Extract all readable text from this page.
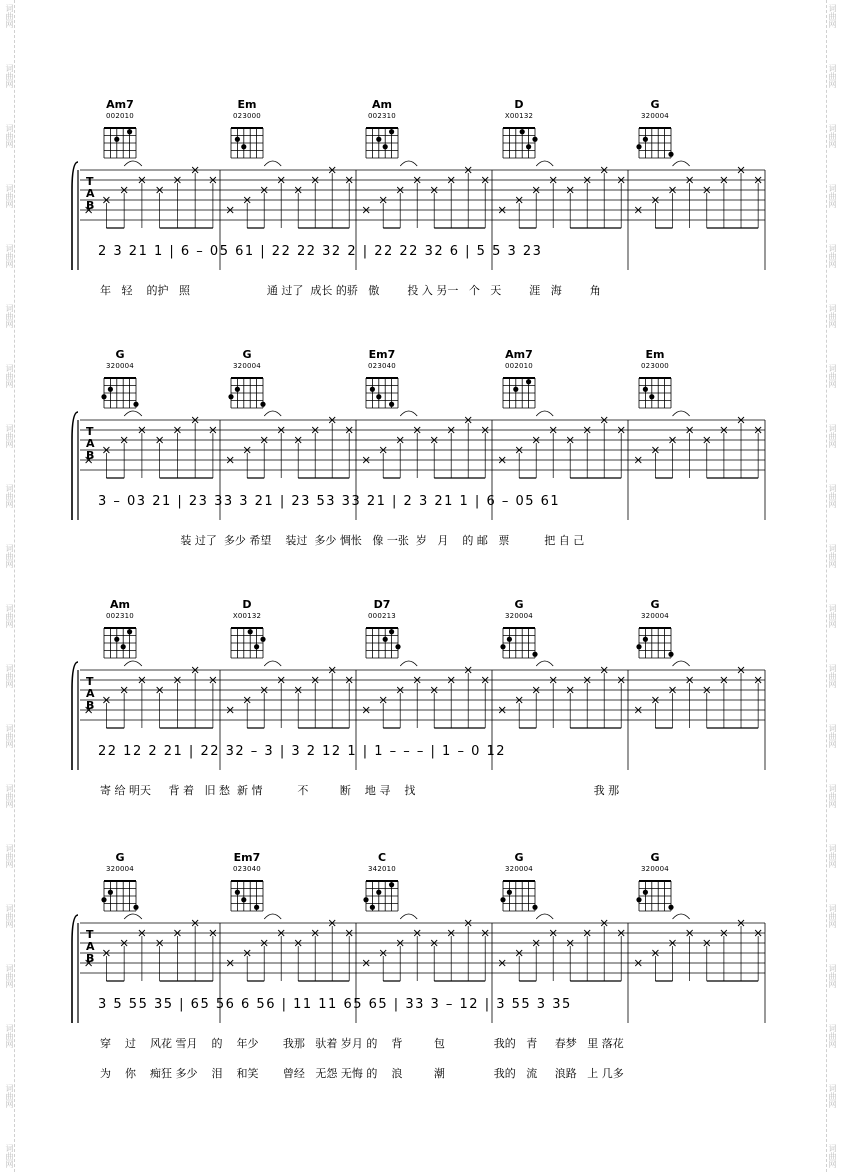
词曲网
词曲网
词曲网
词曲网
词曲网
词曲网
词曲网
词曲网
词曲网
词曲网
词曲网
词曲网
词曲网
词曲网
词曲网
词曲网
词曲网
词曲网
词曲网
词曲网
词曲网
词曲网
词曲网
词曲网
词曲网
词曲网
词曲网
词曲网
词曲网
词曲网
词曲网
词曲网
词曲网
词曲网
词曲网
词曲网
词曲网
词曲网
词曲网
词曲网
T
A
B
T
A
B
T
A
B
T
A
B
Am7
002010
Em
023000
Am
002310
D
X00132
G
320004
2 3 21 1 | 6 – 05 61 | 22 22 32 2 | 22 22 32 6 | 5 5 3 23
年   轻    的护   照                      通 过了  成长 的骄   傲        投 入 另一   个   天        涯   海        角
G
320004
G
320004
Em7
023040
Am7
002010
Em
023000
3 – 03 21 | 23 33 3 21 | 23 53 33 21 | 2 3 21 1 | 6 – 05 61
装 过了  多少 希望    装过  多少 惆怅   像 一张  岁   月    的 邮   票          把 自 己
Am
002310
D
X00132
D7
000213
G
320004
G
320004
22 12 2 21 | 22 32 – 3 | 3 2 12 1 | 1 – – – | 1 – 0 12
寄 给 明天     背 着   旧 愁  新 情          不         断    地 寻    找                                                   我 那
G
320004
Em7
023040
C
342010
G
320004
G
320004
3 5 55 35 | 65 56 6 56 | 11 11 65 65 | 33 3 – 12 | 3 55 3 35
穿    过    风花 雪月    的    年少       我那   驮着 岁月 的    背         包              我的   青     春梦   里 落花
为    你    痴狂 多少    泪    和笑       曾经   无怨 无悔 的    浪         潮              我的   流     浪路   上 几多
